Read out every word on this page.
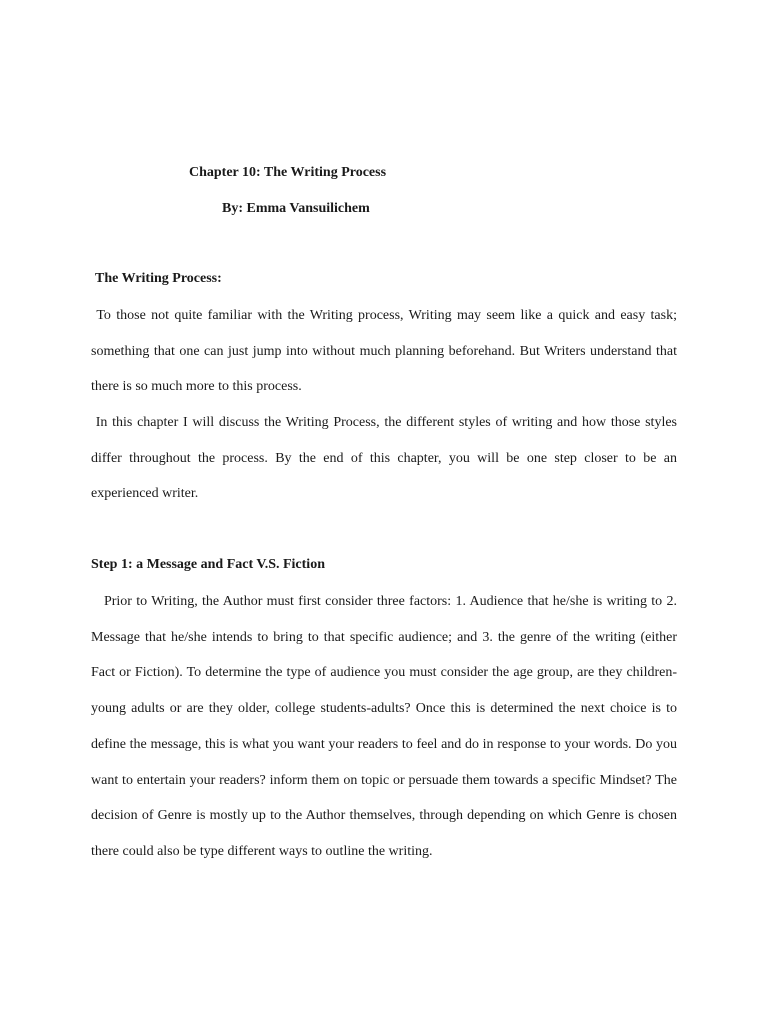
Chapter 10: The Writing Process
By: Emma Vansuilichem
The Writing Process:
To those not quite familiar with the Writing process, Writing may seem like a quick and easy task; something that one can just jump into without much planning beforehand. But Writers understand that there is so much more to this process.
In this chapter I will discuss the Writing Process, the different styles of writing and how those styles differ throughout the process. By the end of this chapter, you will be one step closer to be an experienced writer.
Step 1: a Message and Fact V.S. Fiction
Prior to Writing, the Author must first consider three factors: 1. Audience that he/she is writing to 2. Message that he/she intends to bring to that specific audience; and 3. the genre of the writing (either Fact or Fiction). To determine the type of audience you must consider the age group, are they children-young adults or are they older, college students-adults? Once this is determined the next choice is to define the message, this is what you want your readers to feel and do in response to your words. Do you want to entertain your readers? inform them on topic or persuade them towards a specific Mindset? The decision of Genre is mostly up to the Author themselves, through depending on which Genre is chosen there could also be type different ways to outline the writing.
